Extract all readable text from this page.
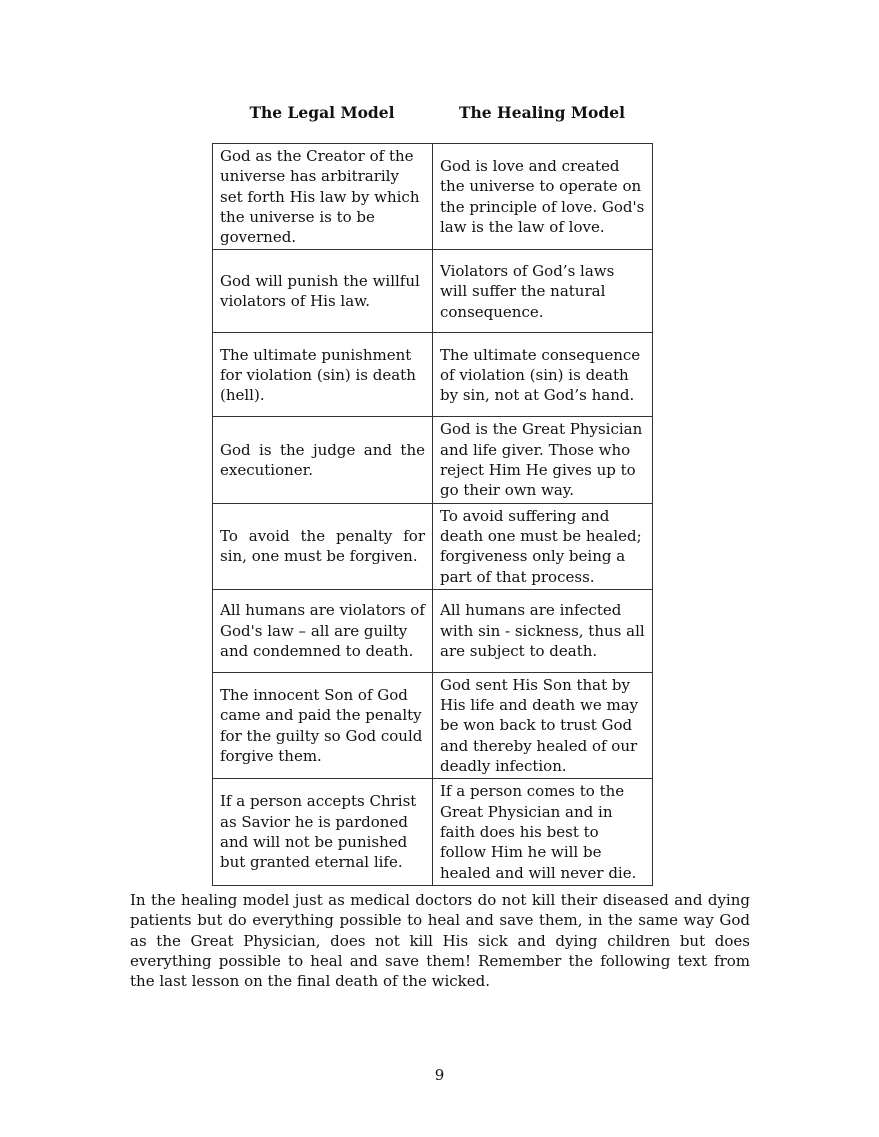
The Legal Model	The Healing Model
God as the Creator of the universe has arbitrarily set forth His law by which the universe is to be governed.	God is love and created the universe to operate on the principle of love. God's law is the law of love.
God will punish the willful violators of His law.	Violators of God’s laws will suffer the natural consequence.
The ultimate punishment for violation (sin) is death (hell).	The ultimate consequence of violation (sin) is death by sin, not at God’s hand.
God is the judge and the executioner.	God is the Great Physician and life giver. Those who reject Him He gives up to go their own way.
To avoid the penalty for sin, one must be forgiven.	To avoid suffering and death one must be healed; forgiveness only being a part of that process.
All humans are violators of God's law – all are guilty and condemned to death.	All humans are infected with sin - sickness, thus all are subject to death.
The innocent Son of God came and paid the penalty for the guilty so God could forgive them.	God sent His Son that by His life and death we may be won back to trust God and thereby healed of our deadly infection.
If a person accepts Christ as Savior he is pardoned and will not be punished but granted eternal life.	If a person comes to the Great Physician and in faith does his best to follow Him he will be healed and will never die.

In the healing model just as medical doctors do not kill their diseased and dying patients but do everything possible to heal and save them, in the same way God as the Great Physician, does not kill His sick and dying children but does everything possible to heal and save them! Remember the following text from the last lesson on the final death of the wicked.

9
